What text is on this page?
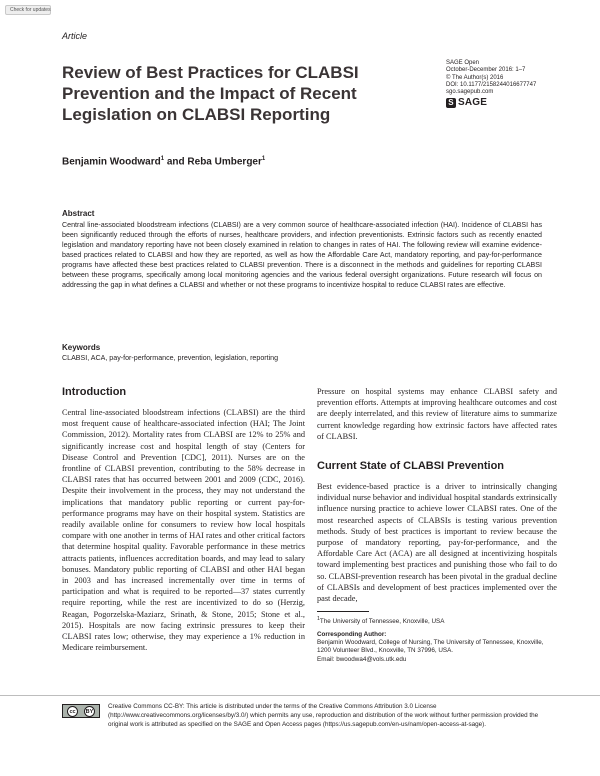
Check for updates
Article
Review of Best Practices for CLABSI Prevention and the Impact of Recent Legislation on CLABSI Reporting
SAGE Open
October-December 2016: 1–7
© The Author(s) 2016
DOI: 10.1177/2158244016677747
sgo.sagepub.com
S SAGE
Benjamin Woodward$^1$ and Reba Umberger$^1$
Abstract
Central line-associated bloodstream infections (CLABSI) are a very common source of healthcare-associated infection (HAI). Incidence of CLABSI has been significantly reduced through the efforts of nurses, healthcare providers, and infection preventionists. Extrinsic factors such as recently enacted legislation and mandatory reporting have not been closely examined in relation to changes in rates of HAI. The following review will examine evidence-based practices related to CLABSI and how they are reported, as well as how the Affordable Care Act, mandatory reporting, and pay-for-performance programs have affected these best practices related to CLABSI prevention. There is a disconnect in the methods and guidelines for reporting CLABSI between these programs, specifically among local monitoring agencies and the various federal oversight organizations. Future research will focus on addressing the gap in what defines a CLABSI and whether or not these programs to incentivize hospital to reduce CLABSI rates are effective.
Keywords
CLABSI, ACA, pay-for-performance, prevention, legislation, reporting
Introduction
Central line-associated bloodstream infections (CLABSI) are the third most frequent cause of healthcare-associated infection (HAI; The Joint Commission, 2012). Mortality rates from CLABSI are 12% to 25% and significantly increase cost and hospital length of stay (Centers for Disease Control and Prevention [CDC], 2011). Nurses are on the frontline of CLABSI prevention, contributing to the 58% decrease in CLABSI rates that has occurred between 2001 and 2009 (CDC, 2016). Despite their involvement in the process, they may not understand the implications that mandatory public reporting or current pay-for-performance programs may have on their hospital system. Statistics are readily available online for consumers to review how local hospitals compare with one another in terms of HAI rates and other critical factors that determine hospital quality. Favorable performance in these metrics attracts patients, influences accreditation boards, and may lead to salary bonuses. Mandatory public reporting of CLABSI and other HAI began in 2003 and has increased incrementally over time in terms of participation and what is required to be reported—37 states currently require reporting, while the rest are incentivized to do so (Herzig, Reagan, Pogorzelska-Maziarz, Srinath, & Stone, 2015; Stone et al., 2015). Hospitals are now facing extrinsic pressures to keep their CLABSI rates low; otherwise, they may experience a 1% reduction in Medicare reimbursement.
Pressure on hospital systems may enhance CLABSI safety and prevention efforts. Attempts at improving healthcare outcomes and cost are deeply interrelated, and this review of literature aims to summarize current knowledge regarding how extrinsic factors have affected rates of CLABSI.
Current State of CLABSI Prevention
Best evidence-based practice is a driver to intrinsically changing individual nurse behavior and individual hospital standards extrinsically influence nursing practice to achieve lower CLABSI rates. One of the most researched aspects of CLABSIs is testing various prevention methods. Study of best practices is important to review because the purpose of mandatory reporting, pay-for-performance, and the Affordable Care Act (ACA) are all designed at incentivizing hospitals toward implementing best practices and punishing those who fail to do so. CLABSI-prevention research has been pivotal in the gradual decline of CLABSIs and development of best practices implemented over the past decade,
$^1$The University of Tennessee, Knoxville, USA
Corresponding Author:
Benjamin Woodward, College of Nursing, The University of Tennessee, Knoxville, 1200 Volunteer Blvd., Knoxville, TN 37996, USA.
Email: bwoodwa4@vols.utk.edu
cc	BY
Creative Commons CC-BY: This article is distributed under the terms of the Creative Commons Attribution 3.0 License (http://www.creativecommons.org/licenses/by/3.0/) which permits any use, reproduction and distribution of the work without further permission provided the original work is attributed as specified on the SAGE and Open Access pages (https://us.sagepub.com/en-us/nam/open-access-at-sage).
